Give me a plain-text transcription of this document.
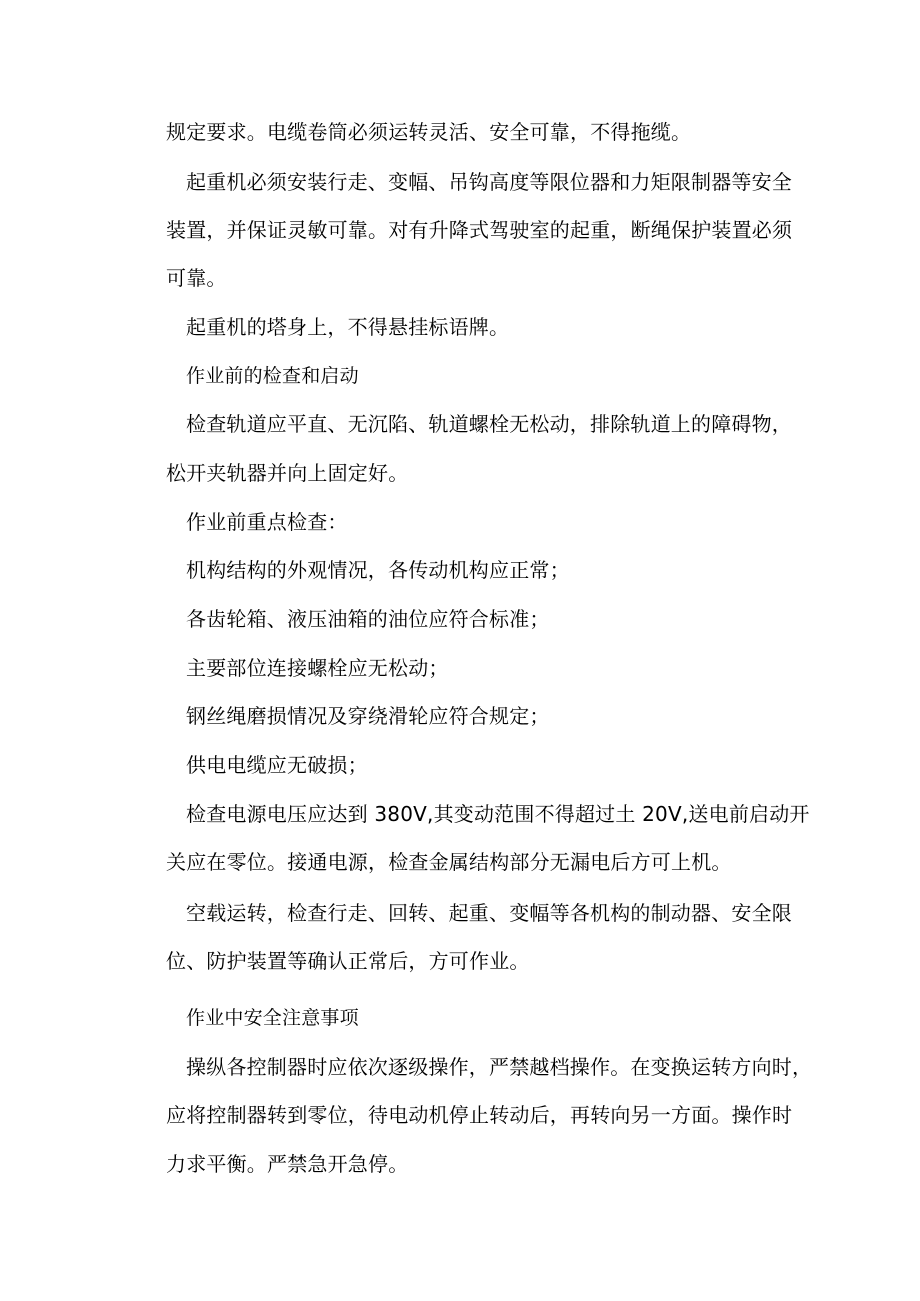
规定要求。电缆卷筒必须运转灵活、安全可靠，不得拖缆。
起重机必须安装行走、变幅、吊钩高度等限位器和力矩限制器等安全
装置，并保证灵敏可靠。对有升降式驾驶室的起重，断绳保护装置必须
可靠。
起重机的塔身上，不得悬挂标语牌。
作业前的检查和启动
检查轨道应平直、无沉陷、轨道螺栓无松动，排除轨道上的障碍物，
松开夹轨器并向上固定好。
作业前重点检查：
机构结构的外观情况，各传动机构应正常；
各齿轮箱、液压油箱的油位应符合标准；
主要部位连接螺栓应无松动；
钢丝绳磨损情况及穿绕滑轮应符合规定；
供电电缆应无破损；
检查电源电压应达到 380V,其变动范围不得超过土 20V,送电前启动开
关应在零位。接通电源，检查金属结构部分无漏电后方可上机。
空载运转，检查行走、回转、起重、变幅等各机构的制动器、安全限
位、防护装置等确认正常后，方可作业。
作业中安全注意事项
操纵各控制器时应依次逐级操作，严禁越档操作。在变换运转方向时，
应将控制器转到零位，待电动机停止转动后，再转向另一方面。操作时
力求平衡。严禁急开急停。
